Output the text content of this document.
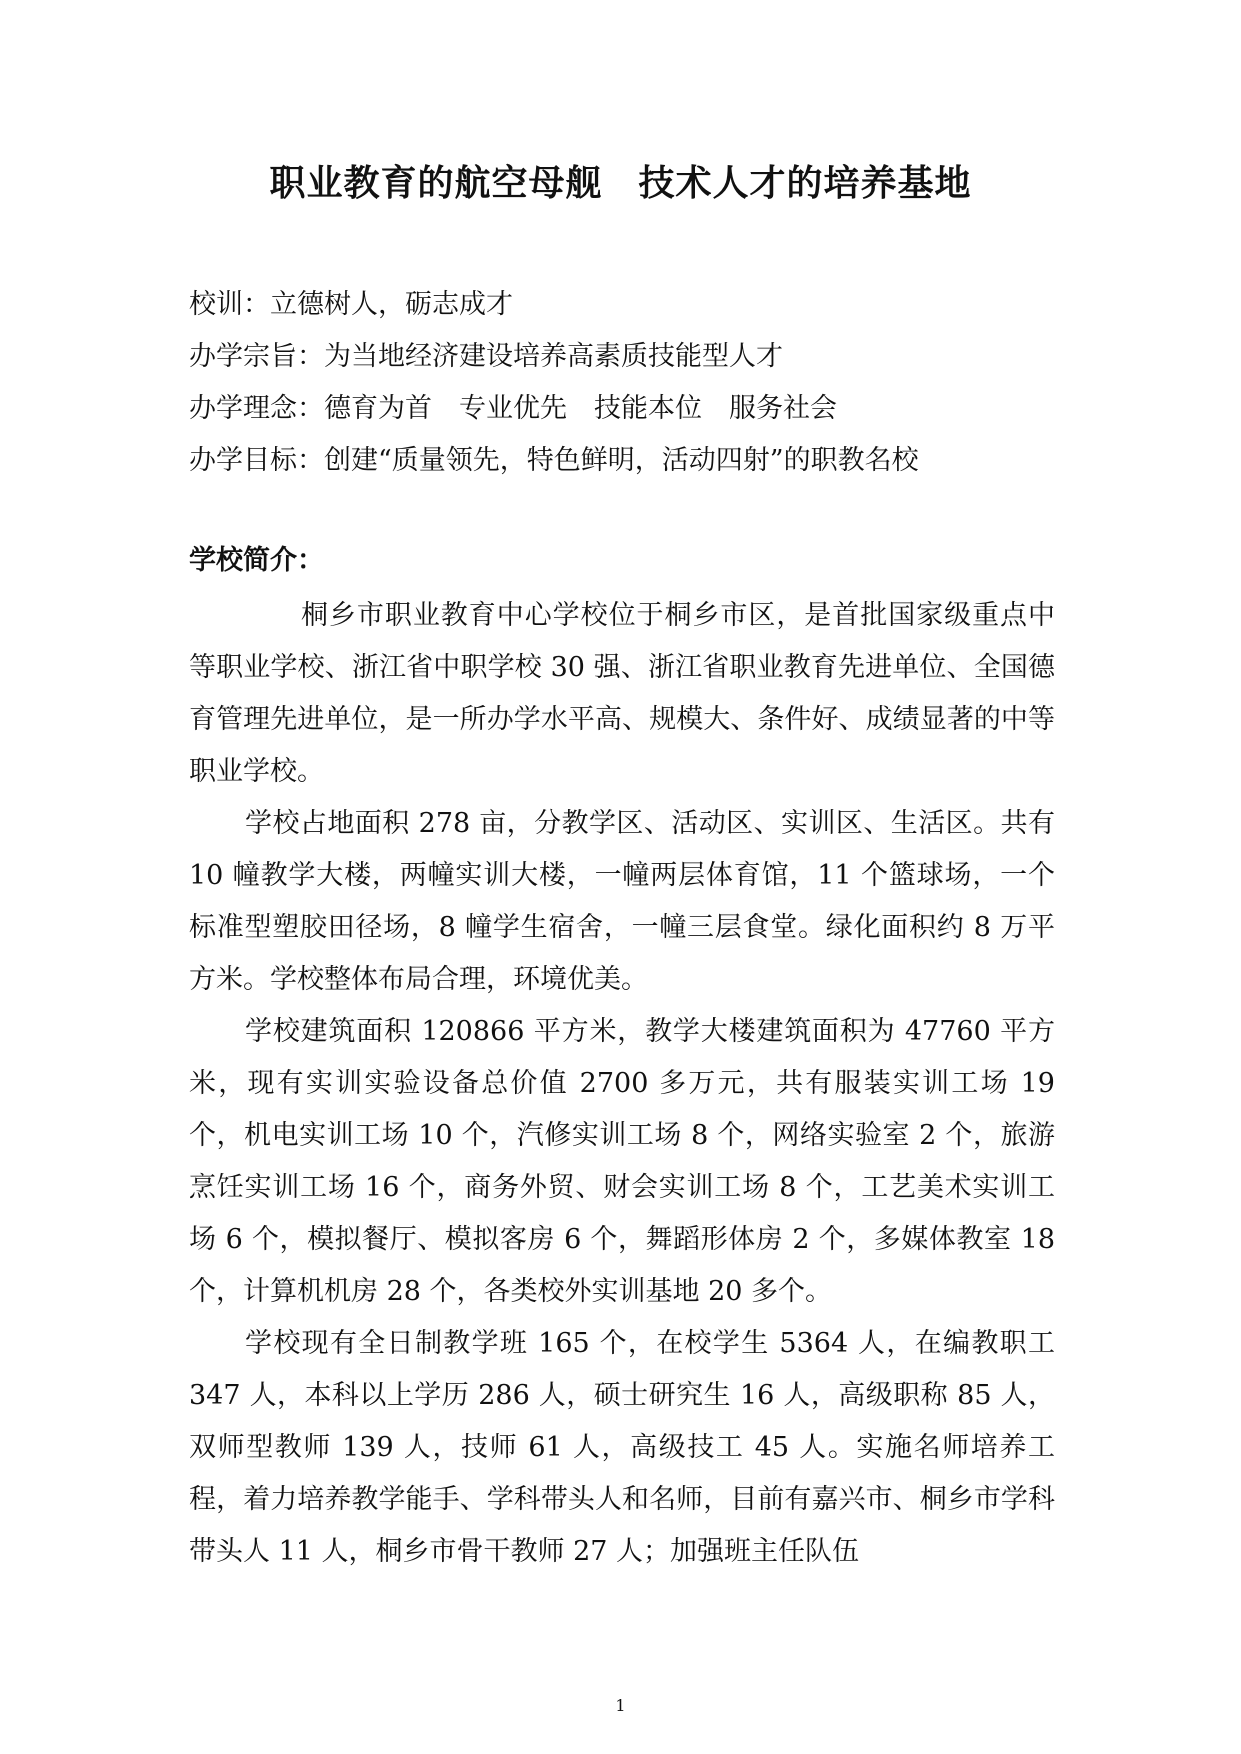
职业教育的航空母舰 技术人才的培养基地
校训：立德树人，砺志成才
办学宗旨：为当地经济建设培养高素质技能型人才
办学理念：德育为首　专业优先　技能本位　服务社会
办学目标：创建“质量领先，特色鲜明，活动四射”的职教名校
学校简介：

桐乡市职业教育中心学校位于桐乡市区，是首批国家级重点中等职业学校、浙江省中职学校 30 强、浙江省职业教育先进单位、全国德育管理先进单位，是一所办学水平高、规模大、条件好、成绩显著的中等职业学校。

学校占地面积 278 亩，分教学区、活动区、实训区、生活区。共有 10 幢教学大楼，两幢实训大楼，一幢两层体育馆，11 个篮球场，一个标准型塑胶田径场，8 幢学生宿舍，一幢三层食堂。绿化面积约 8 万平方米。学校整体布局合理，环境优美。

学校建筑面积 120866 平方米，教学大楼建筑面积为 47760 平方米，现有实训实验设备总价值 2700 多万元，共有服装实训工场 19 个，机电实训工场 10 个，汽修实训工场 8 个，网络实验室 2 个，旅游烹饪实训工场 16 个，商务外贸、财会实训工场 8 个，工艺美术实训工场 6 个，模拟餐厅、模拟客房 6 个，舞蹈形体房 2 个，多媒体教室 18 个，计算机机房 28 个，各类校外实训基地 20 多个。

学校现有全日制教学班 165 个，在校学生 5364 人，在编教职工 347 人，本科以上学历 286 人，硕士研究生 16 人，高级职称 85 人，双师型教师 139 人，技师 61 人，高级技工 45 人。实施名师培养工程，着力培养教学能手、学科带头人和名师，目前有嘉兴市、桐乡市学科带头人 11 人，桐乡市骨干教师 27 人；加强班主任队伍

1
